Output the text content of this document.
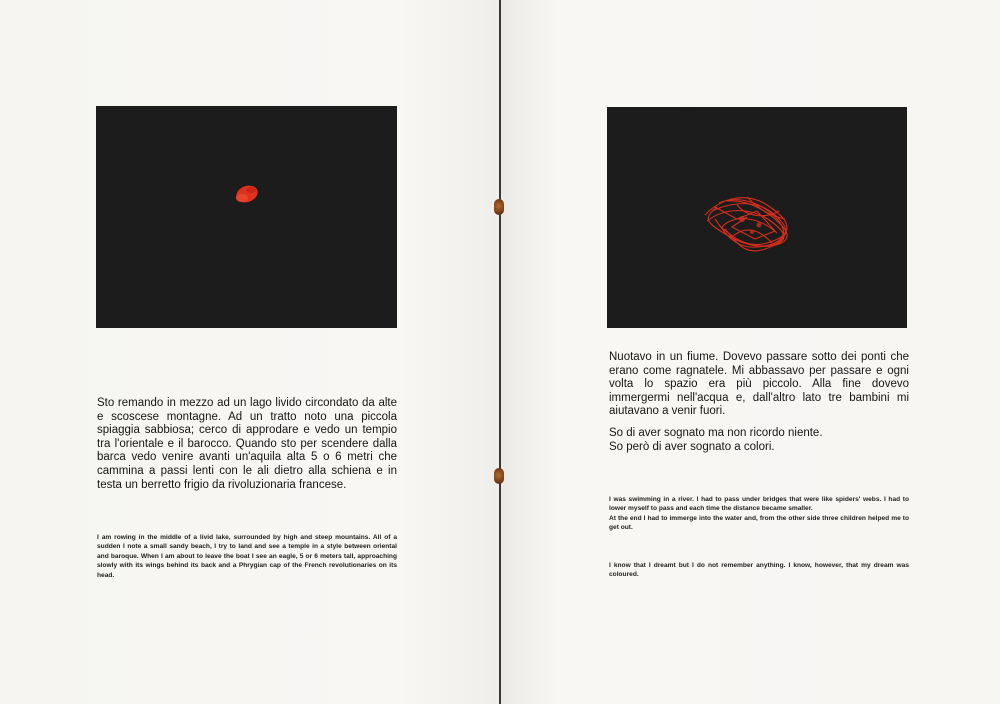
Sto remando in mezzo ad un lago livido circondato da alte e scoscese montagne. Ad un tratto noto una piccola spiaggia sabbiosa; cerco di approdare e vedo un tempio tra l'orientale e il barocco. Quando sto per scendere dalla barca vedo venire avanti un'aquila alta 5 o 6 metri che cammina a passi lenti con le ali dietro alla schiena e in testa un berretto frigio da rivoluzionaria francese.

I am rowing in the middle of a livid lake, surrounded by high and steep mountains. All of a sudden I note a small sandy beach, I try to land and see a temple in a style between oriental and baroque. When I am about to leave the boat I see an eagle, 5 or 6 meters tall, approaching slowly with its wings behind its back and a Phrygian cap of the French revolutionaries on its head.

Nuotavo in un fiume. Dovevo passare sotto dei ponti che erano come ragnatele. Mi abbassavo per passare e ogni volta lo spazio era più piccolo. Alla fine dovevo immergermi nell'acqua e, dall'altro lato tre bambini mi aiutavano a venir fuori.

So di aver sognato ma non ricordo niente.
So però di aver sognato a colori.

I was swimming in a river. I had to pass under bridges that were like spiders' webs. I had to lower myself to pass and each time the distance became smaller.
At the end I had to immerge into the water and, from the other side three children helped me to get out.

I know that I dreamt but I do not remember anything. I know, however, that my dream was coloured.
